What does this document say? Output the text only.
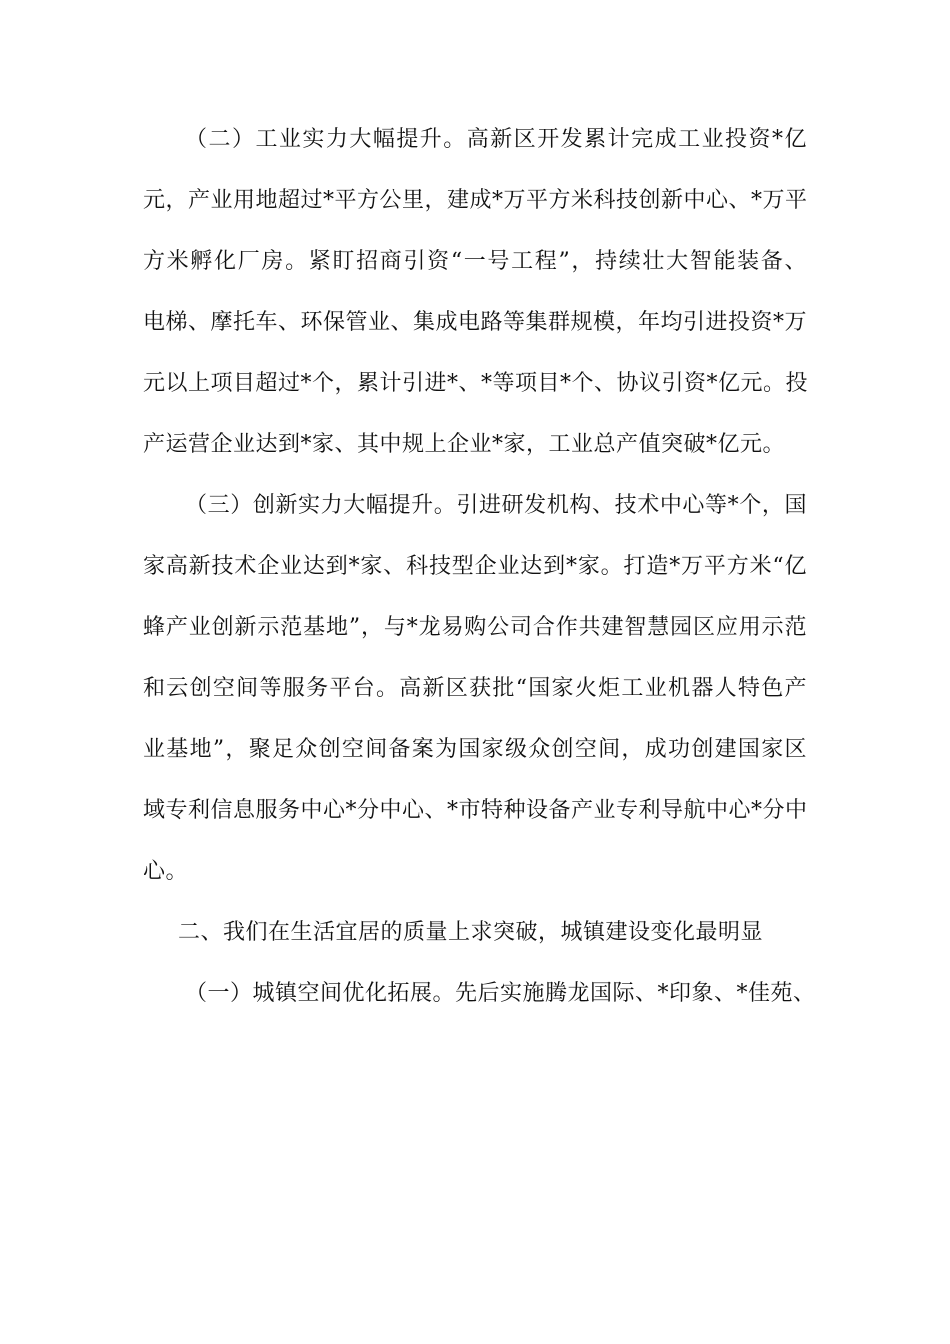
（二）工业实力大幅提升。高新区开发累计完成工业投资*亿
元，产业用地超过*平方公里，建成*万平方米科技创新中心、*万平
方米孵化厂房。紧盯招商引资“一号工程”，持续壮大智能装备、
电梯、摩托车、环保管业、集成电路等集群规模，年均引进投资*万
元以上项目超过*个，累计引进*、*等项目*个、协议引资*亿元。投
产运营企业达到*家、其中规上企业*家，工业总产值突破*亿元。
（三）创新实力大幅提升。引进研发机构、技术中心等*个，国
家高新技术企业达到*家、科技型企业达到*家。打造*万平方米“亿
蜂产业创新示范基地”，与*龙易购公司合作共建智慧园区应用示范
和云创空间等服务平台。高新区获批“国家火炬工业机器人特色产
业基地”，聚足众创空间备案为国家级众创空间，成功创建国家区
域专利信息服务中心*分中心、*市特种设备产业专利导航中心*分中
心。
二、我们在生活宜居的质量上求突破，城镇建设变化最明显
（一）城镇空间优化拓展。先后实施腾龙国际、*印象、*佳苑、
